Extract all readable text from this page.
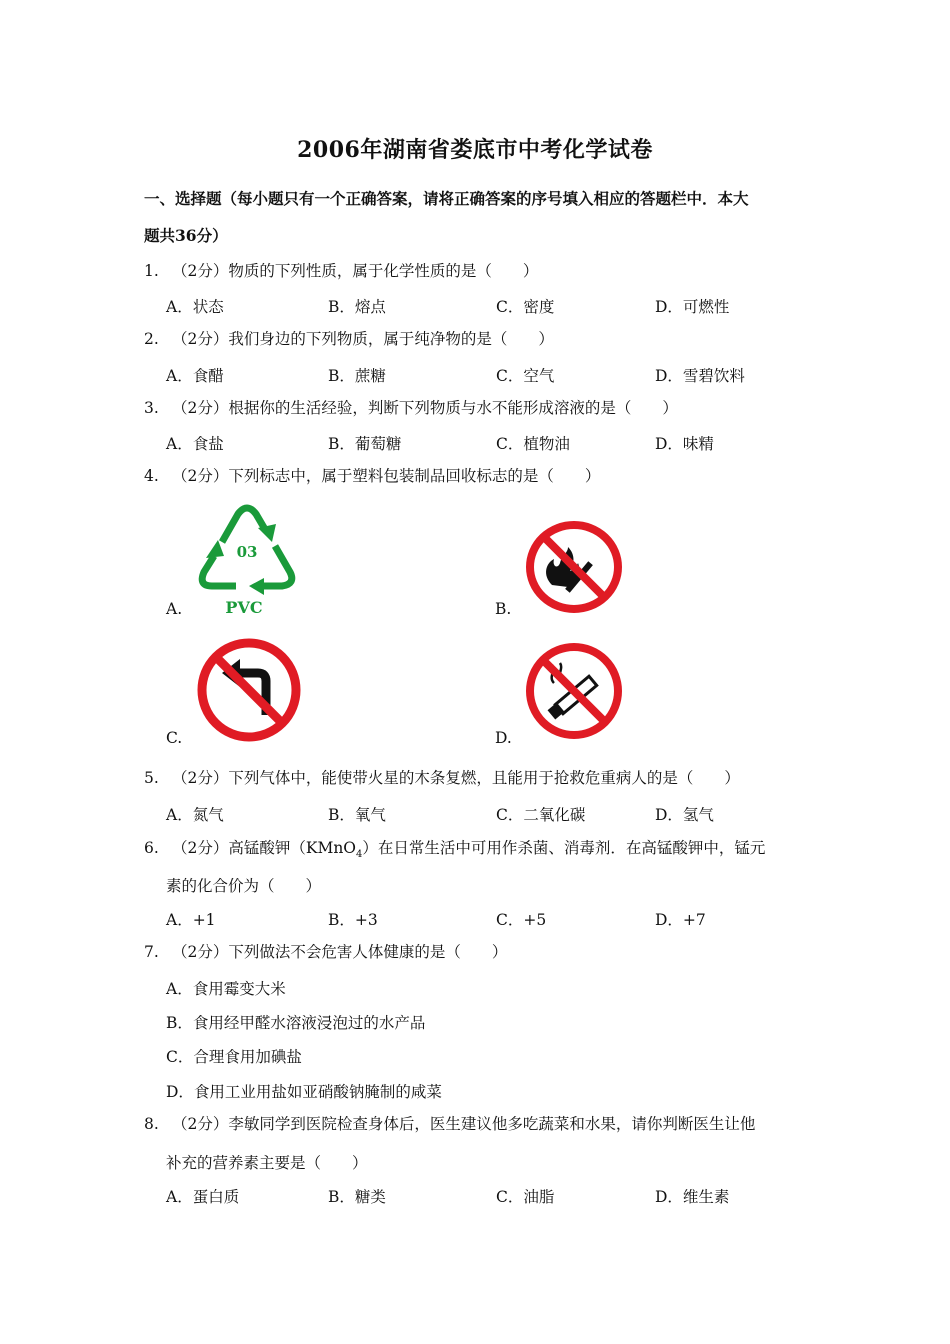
2006年湖南省娄底市中考化学试卷
一、选择题（每小题只有一个正确答案，请将正确答案的序号填入相应的答题栏中．本大
题共36分）
1. （2分）物质的下列性质，属于化学性质的是（　　）
A．状态	B．熔点	C．密度	D．可燃性
2. （2分）我们身边的下列物质，属于纯净物的是（　　）
A．食醋	B．蔗糖	C．空气	D．雪碧饮料
3. （2分）根据你的生活经验，判断下列物质与水不能形成溶液的是（　　）
A．食盐	B．葡萄糖	C．植物油	D．味精
4. （2分）下列标志中，属于塑料包装制品回收标志的是（　　）
A.
03
PVC	B.
C.	D.
5. （2分）下列气体中，能使带火星的木条复燃，且能用于抢救危重病人的是（　　）
A．氮气	B．氧气	C．二氧化碳	D．氢气
6. （2分）高锰酸钾（KMnO$_4$）在日常生活中可用作杀菌、消毒剂．在高锰酸钾中，锰元
素的化合价为（　　）
A．+1	B．+3	C．+5	D．+7
7. （2分）下列做法不会危害人体健康的是（　　）
A．食用霉变大米
B．食用经甲醛水溶液浸泡过的水产品
C．合理食用加碘盐
D．食用工业用盐如亚硝酸钠腌制的咸菜
8. （2分）李敏同学到医院检查身体后，医生建议他多吃蔬菜和水果，请你判断医生让他
补充的营养素主要是（　　）
A．蛋白质	B．糖类	C．油脂	D．维生素
